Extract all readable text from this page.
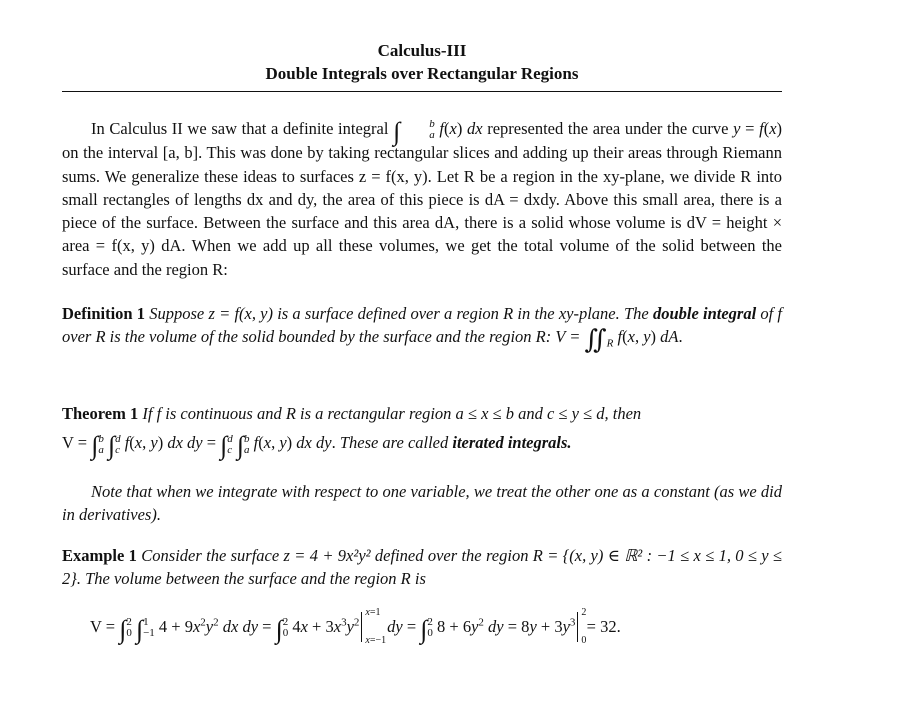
Calculus-III
Double Integrals over Rectangular Regions
In Calculus II we saw that a definite integral ∫	b
a f(x) dx represented the area under the curve y = f(x) on the interval [a, b]. This was done by taking rectangular slices and adding up their areas through Riemann sums. We generalize these ideas to surfaces z = f(x, y). Let R be a region in the xy-plane, we divide R into small rectangles of lengths dx and dy, the area of this piece is dA = dxdy. Above this small area, there is a piece of the surface. Between the surface and this area dA, there is a solid whose volume is dV = height × area = f(x, y) dA. When we add up all these volumes, we get the total volume of the solid between the surface and the region R:
Definition 1 Suppose z = f(x, y) is a surface defined over a region R in the xy-plane. The double integral of f over R is the volume of the solid bounded by the surface and the region R: $V = ∬_R$ f(x, y) dA.
Theorem 1 If f is continuous and R is a rectangular region a ≤ x ≤ b and c ≤ y ≤ d, then
V = ∫ b
a ∫ d
c f(x, y) dx dy = ∫ d
c ∫ b
a f(x, y) dx dy. These are called iterated integrals.
Note that when we integrate with respect to one variable, we treat the other one as a constant (as we did in derivatives).
Example 1 Consider the surface z = 4 + 9x²y² defined over the region R = {(x, y) ∈ ℝ² : −1 ≤ x ≤ 1, 0 ≤ y ≤ 2}. The volume between the surface and the region R is
V = ∫ 2
0 ∫ 1
−1 $4 + 9x^2y^2$ dx dy = ∫ 2
0 $4x + 3x^3y^2$
x=1
x=−1
dy = ∫ 2
0 $8 + 6y^2$ dy = $8y + 3y^3$
2
0
= 32.
